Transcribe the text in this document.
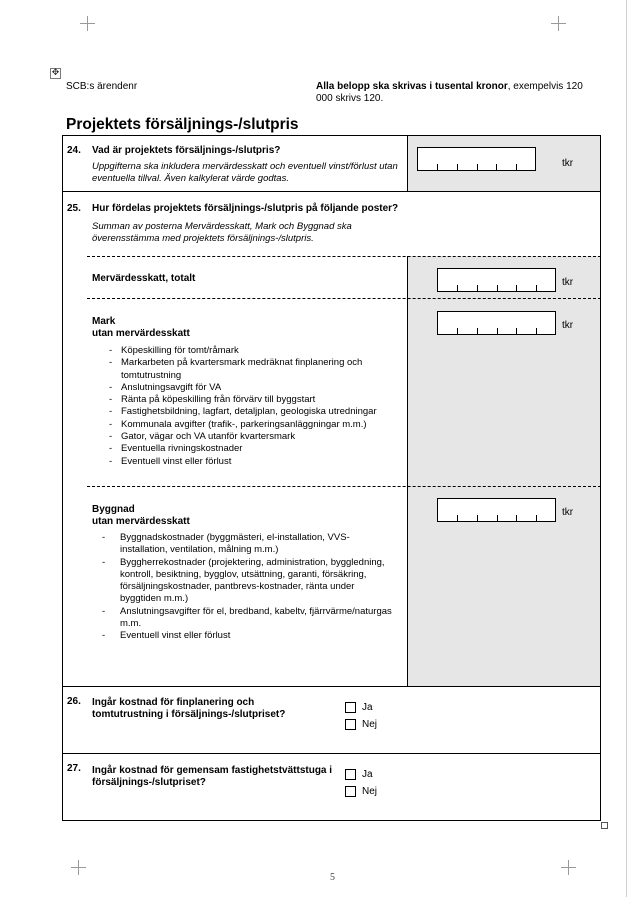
✥
SCB:s ärendenr	Alla belopp ska skrivas i tusental kronor, exempelvis 120 000 skrivs 120.
Projektets försäljnings-/slutpris
24. Vad är projektets försäljnings-/slutpris?
Uppgifterna ska inkludera mervärdesskatt och eventuell vinst/förlust utan eventuella tillval. Även kalkylerat värde godtas.
tkr
25. Hur fördelas projektets försäljnings-/slutpris på följande poster?
Summan av posterna Mervärdesskatt, Mark och Byggnad ska överensstämma med projektets försäljnings-/slutpris.
Mervärdesskatt, totalt	tkr
Mark
utan mervärdesskatt
tkr
- Köpeskilling för tomt/råmark
- Markarbeten på kvartersmark medräknat finplanering och tomtutrustning
- Anslutningsavgift för VA
- Ränta på köpeskilling från förvärv till byggstart
- Fastighetsbildning, lagfart, detaljplan, geologiska utredningar
- Kommunala avgifter (trafik-, parkeringsanläggningar m.m.)
- Gator, vägar och VA utanför kvartersmark
- Eventuella rivningskostnader
- Eventuell vinst eller förlust
Byggnad
utan mervärdesskatt
tkr
- Byggnadskostnader (byggmästeri, el-installation, VVS-installation, ventilation, målning m.m.)
- Byggherrekostnader (projektering, administration, byggledning, kontroll, besiktning, bygglov, utsättning, garanti, försäkring, försäljningskostnader, pantbrevs-kostnader, ränta under byggtiden m.m.)
- Anslutningsavgifter för el, bredband, kabeltv, fjärrvärme/naturgas m.m.
- Eventuell vinst eller förlust
26. Ingår kostnad för finplanering och tomtutrustning i försäljnings-/slutpriset?
Ja
Nej
27. Ingår kostnad för gemensam fastighetstvättstuga i försäljnings-/slutpriset?
Ja
Nej
5
